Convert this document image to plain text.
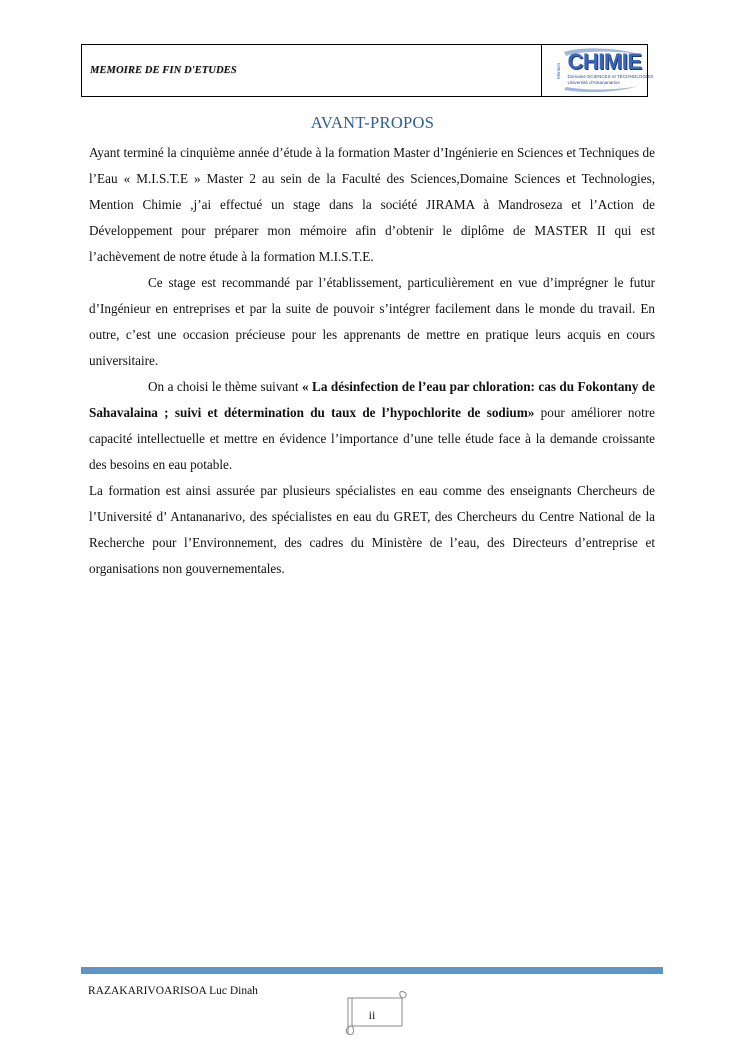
MEMOIRE DE FIN D'ETUDES	Mention CHIMIE
Domaine SCIENCES et TECHNOLOGIES
Université d'Antananarivo
AVANT-PROPOS

Ayant terminé la cinquième année d’étude à la formation Master d’Ingénierie en Sciences et Techniques de l’Eau « M.I.S.T.E » Master 2 au sein de la Faculté des Sciences,Domaine Sciences et Technologies, Mention Chimie ,j’ai effectué un stage dans la société JIRAMA à Mandroseza et l’Action de Développement pour préparer mon mémoire afin d’obtenir le diplôme de MASTER II qui est l’achèvement de notre étude à la formation M.I.S.T.E.

Ce stage est recommandé par l’établissement, particulièrement en vue d’imprégner le futur d’Ingénieur en entreprises et par la suite de pouvoir s’intégrer facilement dans le monde du travail. En outre, c’est une occasion précieuse pour les apprenants de mettre en pratique leurs acquis en cours universitaire.

On a choisi le thème suivant « La désinfection de l’eau par chloration: cas du Fokontany de Sahavalaina ; suivi et détermination du taux de l’hypochlorite de sodium» pour améliorer notre capacité intellectuelle et mettre en évidence l’importance d’une telle étude face à la demande croissante des besoins en eau potable.

La formation est ainsi assurée par plusieurs spécialistes en eau comme des enseignants Chercheurs de l’Université d’ Antananarivo, des spécialistes en eau du GRET, des Chercheurs du Centre National de la Recherche pour l’Environnement, des cadres du Ministère de l’eau, des Directeurs d’entreprise et organisations non gouvernementales.

RAZAKARIVOARISOA Luc Dinah
ii
